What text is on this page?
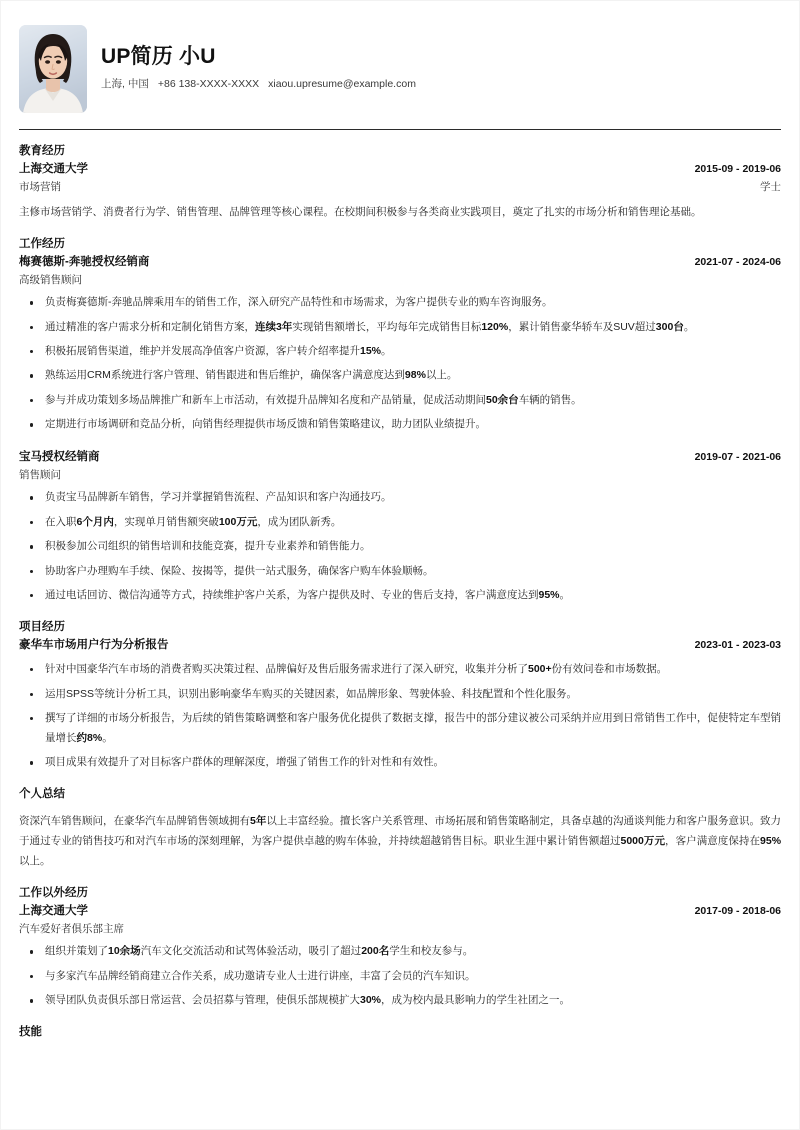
UP简历 小U
上海, 中国 +86 138-XXXX-XXXX xiaou.upresume@example.com
教育经历
上海交通大学	2015-09 - 2019-06
市场营销	学士
主修市场营销学、消费者行为学、销售管理、品牌管理等核心课程。在校期间积极参与各类商业实践项目，奠定了扎实的市场分析和销售理论基础。
工作经历
梅赛德斯-奔驰授权经销商	2021-07 - 2024-06
高级销售顾问
负责梅赛德斯-奔驰品牌乘用车的销售工作，深入研究产品特性和市场需求，为客户提供专业的购车咨询服务。
通过精准的客户需求分析和定制化销售方案，连续3年实现销售额增长，平均每年完成销售目标120%，累计销售豪华轿车及SUV超过300台。
积极拓展销售渠道，维护并发展高净值客户资源，客户转介绍率提升15%。
熟练运用CRM系统进行客户管理、销售跟进和售后维护，确保客户满意度达到98%以上。
参与并成功策划多场品牌推广和新车上市活动，有效提升品牌知名度和产品销量，促成活动期间50余台车辆的销售。
定期进行市场调研和竞品分析，向销售经理提供市场反馈和销售策略建议，助力团队业绩提升。
宝马授权经销商	2019-07 - 2021-06
销售顾问
负责宝马品牌新车销售，学习并掌握销售流程、产品知识和客户沟通技巧。
在入职6个月内，实现单月销售额突破100万元，成为团队新秀。
积极参加公司组织的销售培训和技能竞赛，提升专业素养和销售能力。
协助客户办理购车手续、保险、按揭等，提供一站式服务，确保客户购车体验顺畅。
通过电话回访、微信沟通等方式，持续维护客户关系，为客户提供及时、专业的售后支持，客户满意度达到95%。
项目经历
豪华车市场用户行为分析报告	2023-01 - 2023-03
针对中国豪华汽车市场的消费者购买决策过程、品牌偏好及售后服务需求进行了深入研究，收集并分析了500+份有效问卷和市场数据。
运用SPSS等统计分析工具，识别出影响豪华车购买的关键因素，如品牌形象、驾驶体验、科技配置和个性化服务。
撰写了详细的市场分析报告，为后续的销售策略调整和客户服务优化提供了数据支撑，报告中的部分建议被公司采纳并应用到日常销售工作中，促使特定车型销量增长约8%。
项目成果有效提升了对目标客户群体的理解深度，增强了销售工作的针对性和有效性。
个人总结
资深汽车销售顾问，在豪华汽车品牌销售领域拥有5年以上丰富经验。擅长客户关系管理、市场拓展和销售策略制定，具备卓越的沟通谈判能力和客户服务意识。致力于通过专业的销售技巧和对汽车市场的深刻理解，为客户提供卓越的购车体验，并持续超越销售目标。职业生涯中累计销售额超过5000万元，客户满意度保持在95%以上。
工作以外经历
上海交通大学	2017-09 - 2018-06
汽车爱好者俱乐部主席
组织并策划了10余场汽车文化交流活动和试驾体验活动，吸引了超过200名学生和校友参与。
与多家汽车品牌经销商建立合作关系，成功邀请专业人士进行讲座，丰富了会员的汽车知识。
领导团队负责俱乐部日常运营、会员招募与管理，使俱乐部规模扩大30%，成为校内最具影响力的学生社团之一。
技能
